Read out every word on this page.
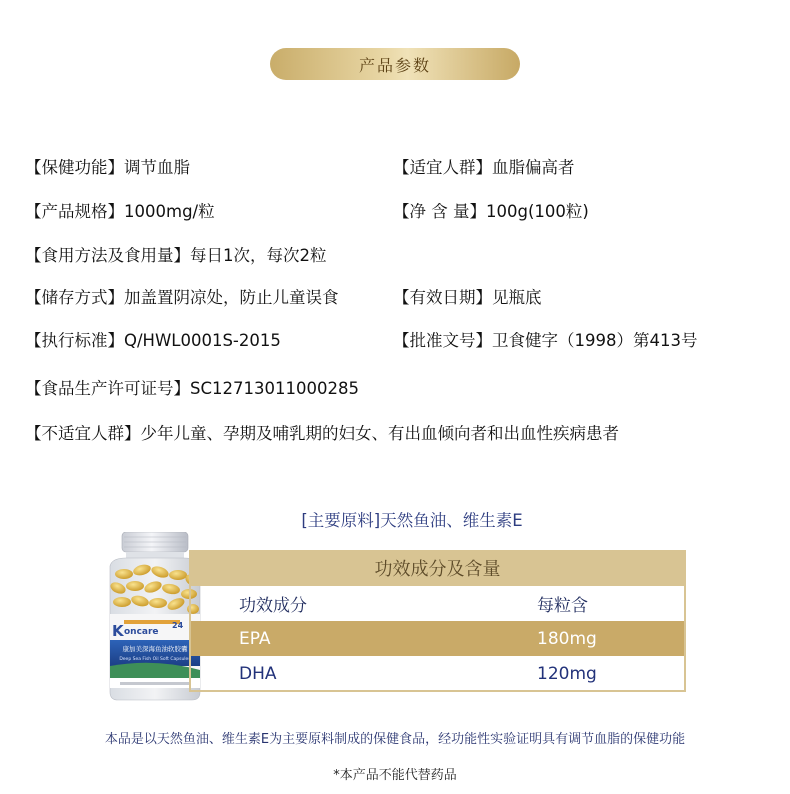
产品参数
【保健功能】调节血脂	【适宜人群】血脂偏高者
【产品规格】1000mg/粒	【净 含 量】100g(100粒)
【食用方法及食用量】每日1次，每次2粒
【储存方式】加盖置阴凉处，防止儿童误食	【有效日期】见瓶底
【执行标准】Q/HWL0001S-2015	【批准文号】卫食健字（1998）第413号
【食品生产许可证号】SC12713011000285
【不适宜人群】少年儿童、孕期及哺乳期的妇女、有出血倾向者和出血性疾病患者
[主要原料]天然鱼油、维生素E
K oncare
24
康加美深海鱼油软胶囊
Deep Sea Fish Oil Soft Capsules
功效成分及含量
功效成分	每粒含
EPA	180mg
DHA	120mg
本品是以天然鱼油、维生素E为主要原料制成的保健食品，经功能性实验证明具有调节血脂的保健功能
*本产品不能代替药品
